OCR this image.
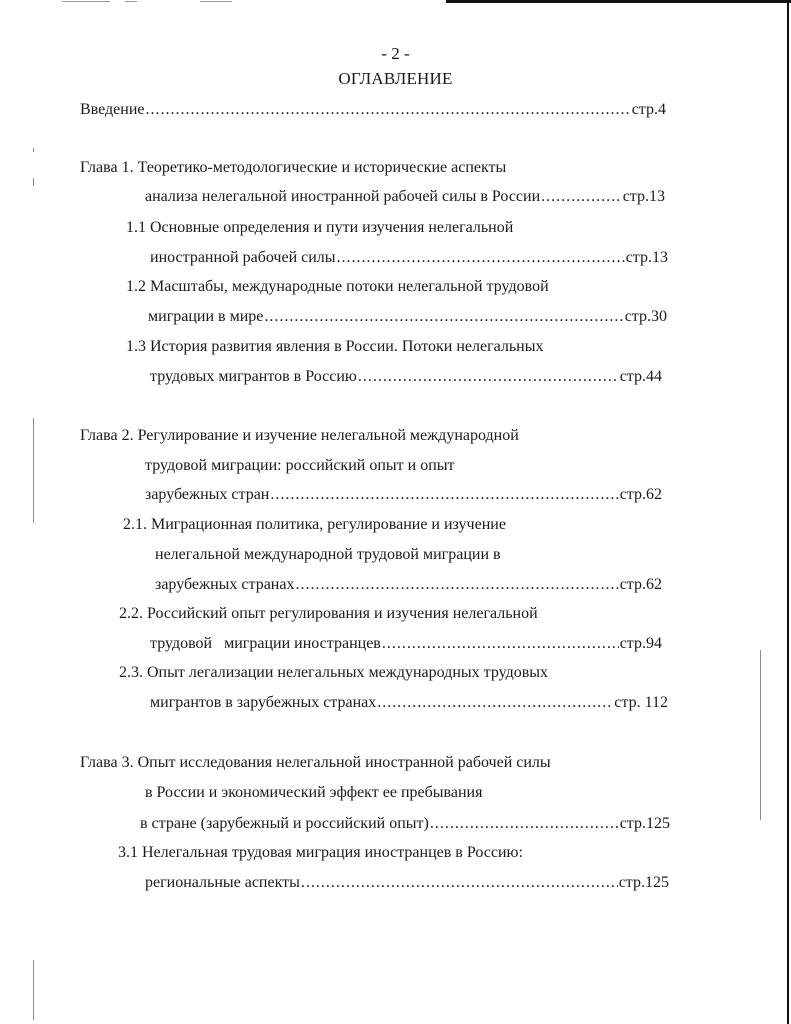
- 2 -
ОГЛАВЛЕНИЕ
Введение .....	стр.4
Глава 1. Теоретико-методологические и исторические аспекты
анализа нелегальной иностранной рабочей силы в России .....	стр.13
1.1 Основные определения и пути изучения нелегальной
иностранной рабочей силы .....	стр.13
1.2 Масштабы, международные потоки нелегальной трудовой
миграции в мире .....	стр.30
1.3 История развития явления в России. Потоки нелегальных
трудовых мигрантов в Россию .....	стр.44
Глава 2. Регулирование и изучение нелегальной международной
трудовой миграции: российский опыт и опыт
зарубежных стран .....	стр.62
2.1. Миграционная политика, регулирование и изучение
нелегальной международной трудовой миграции в
зарубежных странах .....	стр.62
2.2. Российский опыт регулирования и изучения нелегальной
трудовой   миграции иностранцев .....	стр.94
2.3. Опыт легализации нелегальных международных трудовых
мигрантов в зарубежных странах .....	стр. 112
Глава 3. Опыт исследования нелегальной иностранной рабочей силы
в России и экономический эффект ее пребывания
в стране (зарубежный и российский опыт) .....	стр.125
3.1 Нелегальная трудовая миграция иностранцев в Россию:
региональные аспекты .....	стр.125
